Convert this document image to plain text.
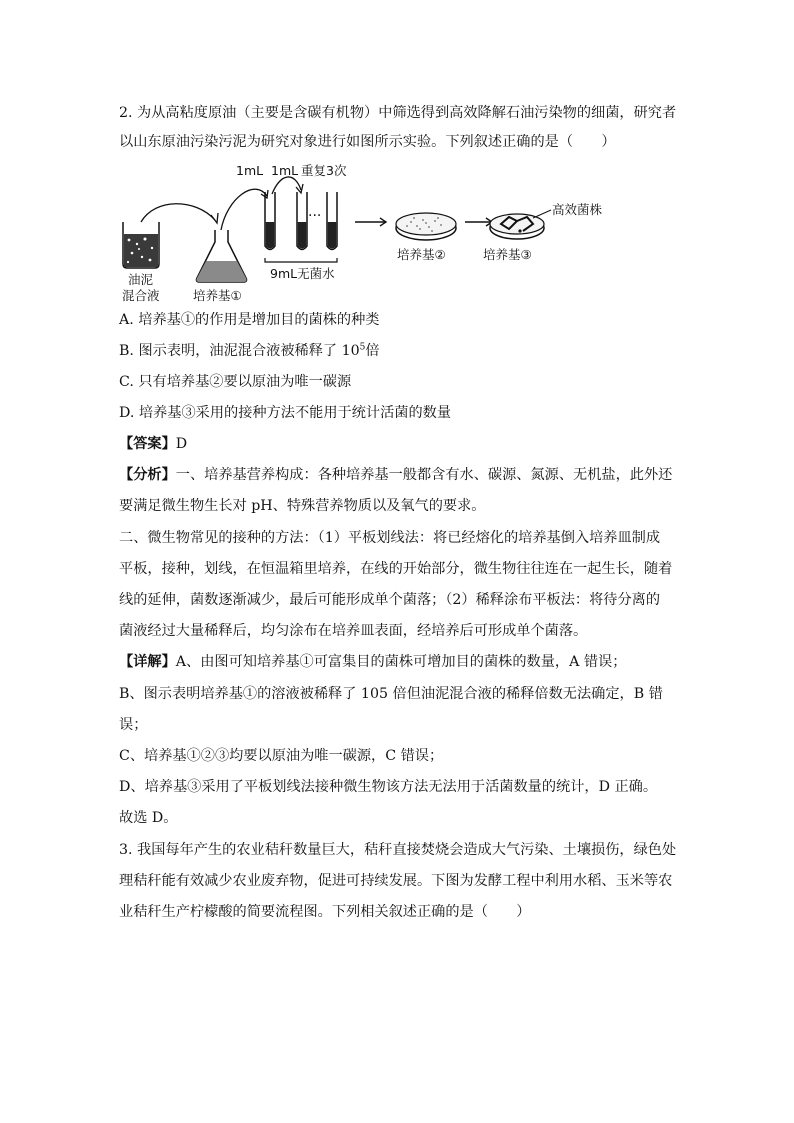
2. 为从高粘度原油（主要是含碳有机物）中筛选得到高效降解石油污染物的细菌，研究者
以山东原油污染污泥为研究对象进行如图所示实验。下列叙述正确的是（　　）
···
1mL 1mL 重复3次
高效菌株
油泥
混合液	培养基①
9mL无菌水
培养基②	培养基③
A. 培养基①的作用是增加目的菌株的种类
B. 图示表明，油泥混合液被稀释了 $10^5$倍
C. 只有培养基②要以原油为唯一碳源
D. 培养基③采用的接种方法不能用于统计活菌的数量
【答案】D
【分析】一、培养基营养构成：各种培养基一般都含有水、碳源、氮源、无机盐，此外还
要满足微生物生长对 pH、特殊营养物质以及氧气的要求。
二、微生物常见的接种的方法：（1）平板划线法：将已经熔化的培养基倒入培养皿制成
平板，接种，划线，在恒温箱里培养，在线的开始部分，微生物往往连在一起生长，随着
线的延伸，菌数逐渐减少，最后可能形成单个菌落；（2）稀释涂布平板法：将待分离的
菌液经过大量稀释后，均匀涂布在培养皿表面，经培养后可形成单个菌落。
【详解】A、由图可知培养基①可富集目的菌株可增加目的菌株的数量，A 错误；
B、图示表明培养基①的溶液被稀释了 105 倍但油泥混合液的稀释倍数无法确定，B 错
误；
C、培养基①②③均要以原油为唯一碳源，C 错误；
D、培养基③采用了平板划线法接种微生物该方法无法用于活菌数量的统计，D 正确。
故选 D。
3. 我国每年产生的农业秸秆数量巨大，秸秆直接焚烧会造成大气污染、土壤损伤，绿色处
理秸秆能有效减少农业废弃物，促进可持续发展。下图为发酵工程中利用水稻、玉米等农
业秸秆生产柠檬酸的简要流程图。下列相关叙述正确的是（　　）
